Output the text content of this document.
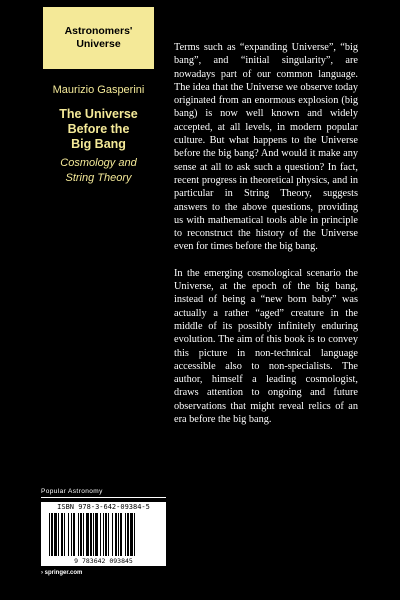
Astronomers'
Universe
Maurizio Gasperini
The Universe
Before the
Big Bang
Cosmology and
String Theory

Terms such as “expanding Universe”, “big bang”, and “initial singularity”, are nowadays part of our common language. The idea that the Universe we observe today originated from an enormous explosion (big bang) is now well known and widely accepted, at all levels, in modern popular culture. But what happens to the Universe before the big bang? And would it make any sense at all to ask such a question? In fact, recent progress in theoretical physics, and in particular in String Theory, suggests answers to the above questions, providing us with mathematical tools able in principle to reconstruct the history of the Universe even for times before the big bang.

In the emerging cosmological scenario the Universe, at the epoch of the big bang, instead of being a “new born baby” was actually a rather “aged” creature in the middle of its possibly infinitely enduring evolution. The aim of this book is to convey this picture in non-technical language accessible also to non-specialists. The author, himself a leading cosmologist, draws attention to ongoing and future observations that might reveal relics of an era before the big bang.

Popular Astronomy
ISBN 978-3-642-09384-5
9 783642 093845
› springer.com
